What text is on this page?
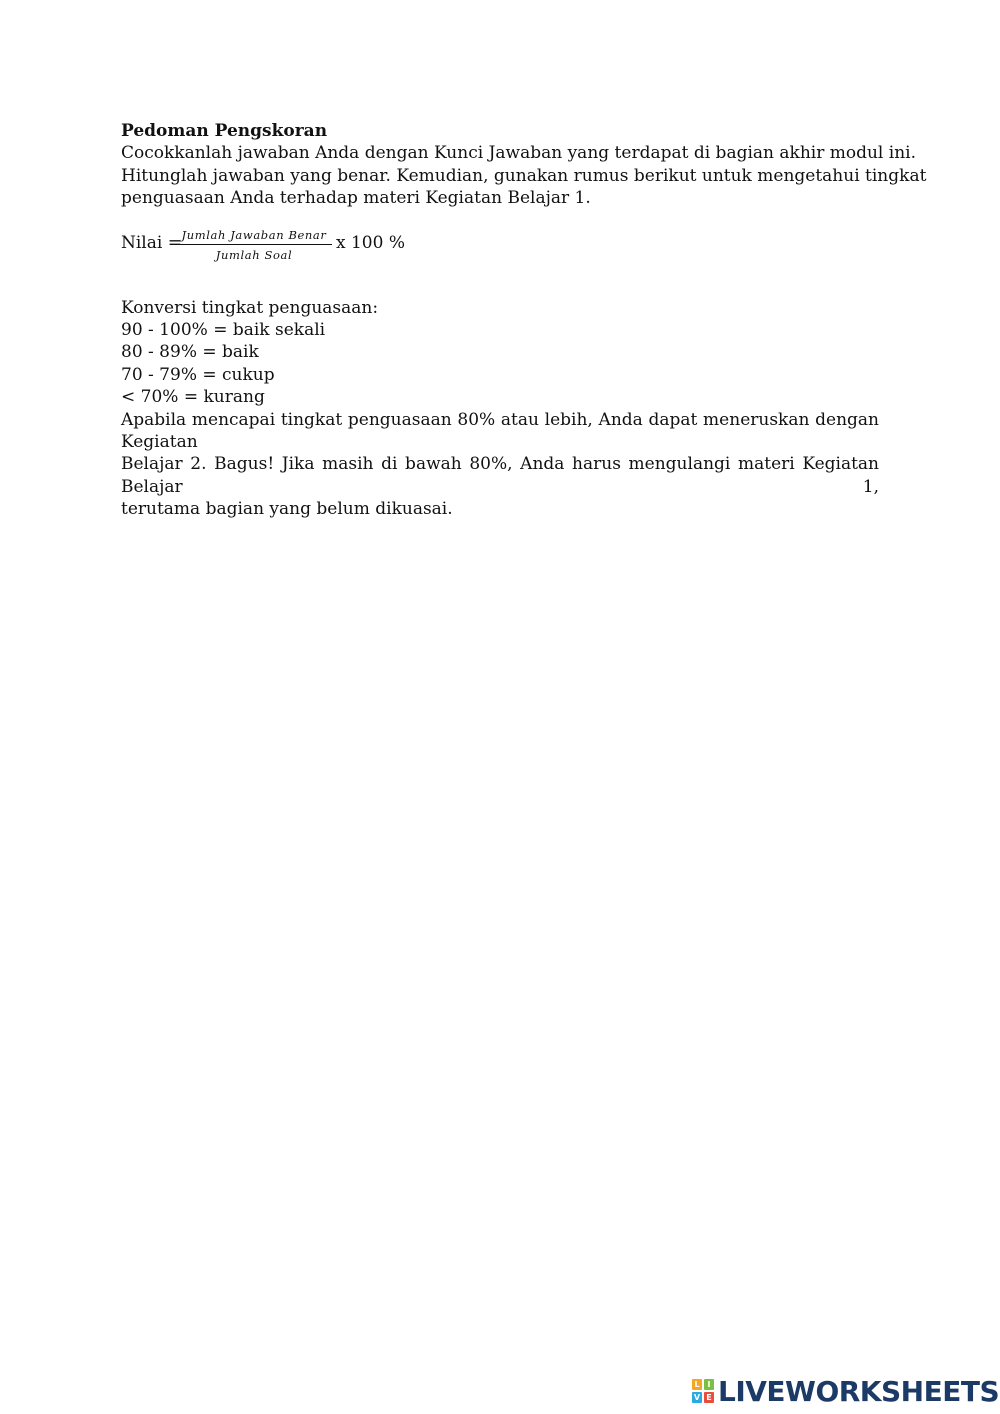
Pedoman Pengskoran

Cocokkanlah jawaban Anda dengan Kunci Jawaban yang terdapat di bagian akhir modul ini.

Hitunglah jawaban yang benar. Kemudian, gunakan rumus berikut untuk mengetahui tingkat

penguasaan Anda terhadap materi Kegiatan Belajar 1.

Nilai = Jumlah Jawaban Benar
Jumlah Soal
x 100 %

Konversi tingkat penguasaan:

90 - 100% = baik sekali

80 - 89% = baik

70 - 79% = cukup

< 70% = kurang

Apabila mencapai tingkat penguasaan 80% atau lebih, Anda dapat meneruskan dengan Kegiatan
Belajar 2. Bagus! Jika masih di bawah 80%, Anda harus mengulangi materi Kegiatan Belajar 1,
terutama bagian yang belum dikuasai.
L I
V E LIVEWORKSHEETS
